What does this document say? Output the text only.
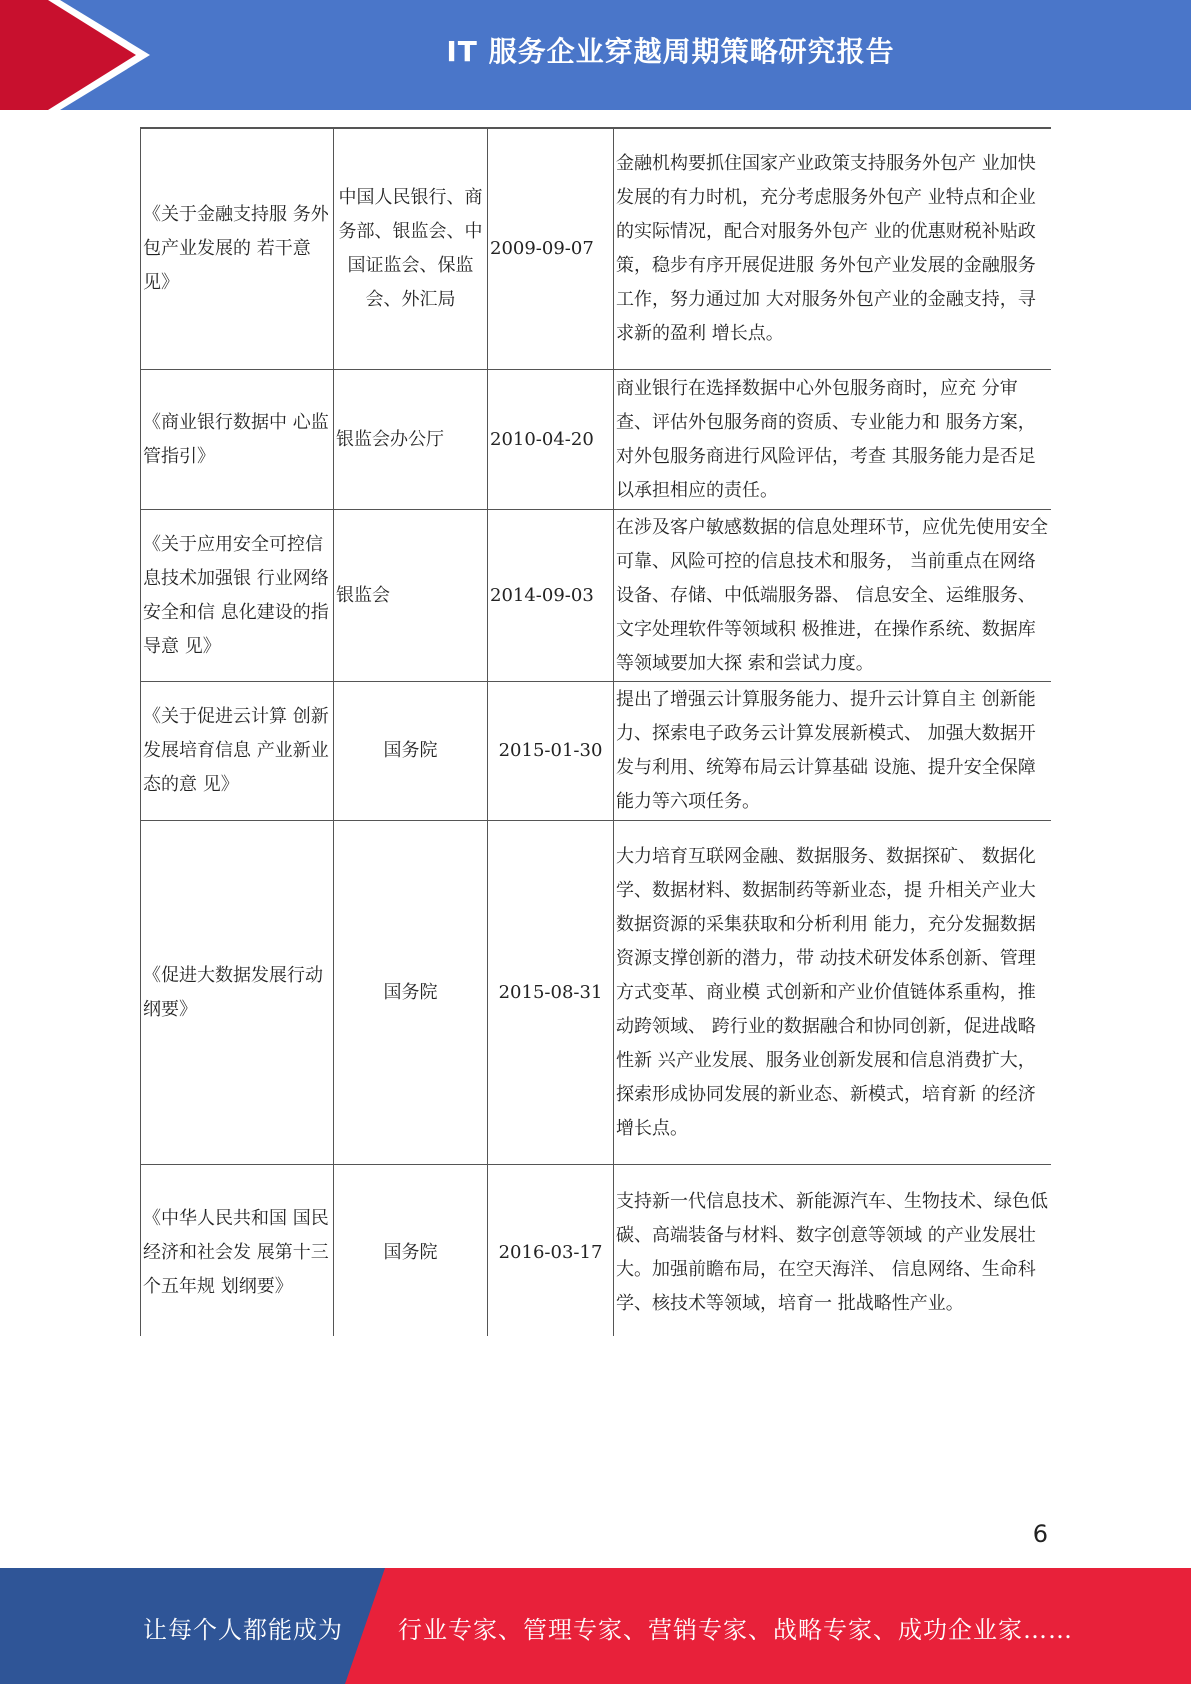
IT 服务企业穿越周期策略研究报告
《关于金融支持服 务外包产业发展的 若干意见》	中国人民银行、商务部、银监会、中国证监会、保监会、外汇局	2009-09-07	金融机构要抓住国家产业政策支持服务外包产 业加快发展的有力时机，充分考虑服务外包产 业特点和企业的实际情况，配合对服务外包产 业的优惠财税补贴政策，稳步有序开展促进服 务外包产业发展的金融服务工作，努力通过加 大对服务外包产业的金融支持，寻求新的盈利 增长点。
《商业银行数据中 心监管指引》	银监会办公厅	2010-04-20	商业银行在选择数据中心外包服务商时，应充 分审查、评估外包服务商的资质、专业能力和 服务方案，对外包服务商进行风险评估，考查 其服务能力是否足以承担相应的责任。
《关于应用安全可控信息技术加强银 行业网络安全和信 息化建设的指导意 见》	银监会	2014-09-03	在涉及客户敏感数据的信息处理环节，应优先使用安全可靠、风险可控的信息技术和服务， 当前重点在网络设备、存储、中低端服务器、 信息安全、运维服务、文字处理软件等领域积 极推进，在操作系统、数据库等领域要加大探 索和尝试力度。
《关于促进云计算 创新发展培育信息 产业新业态的意 见》	国务院	2015-01-30	提出了增强云计算服务能力、提升云计算自主 创新能力、探索电子政务云计算发展新模式、 加强大数据开发与利用、统筹布局云计算基础 设施、提升安全保障能力等六项任务。
《促进大数据发展行动纲要》	国务院	2015-08-31	大力培育互联网金融、数据服务、数据探矿、 数据化学、数据材料、数据制药等新业态，提 升相关产业大数据资源的采集获取和分析利用 能力，充分发掘数据资源支撑创新的潜力，带 动技术研发体系创新、管理方式变革、商业模 式创新和产业价值链体系重构，推动跨领域、 跨行业的数据融合和协同创新，促进战略性新 兴产业发展、服务业创新发展和信息消费扩大， 探索形成协同发展的新业态、新模式，培育新 的经济增长点。
《中华人民共和国 国民经济和社会发 展第十三个五年规 划纲要》	国务院	2016-03-17	支持新一代信息技术、新能源汽车、生物技术、绿色低碳、高端装备与材料、数字创意等领域 的产业发展壮大。加强前瞻布局，在空天海洋、 信息网络、生命科学、核技术等领域，培育一 批战略性产业。
6
让每个人都能成为 行业专家、管理专家、营销专家、战略专家、成功企业家……
